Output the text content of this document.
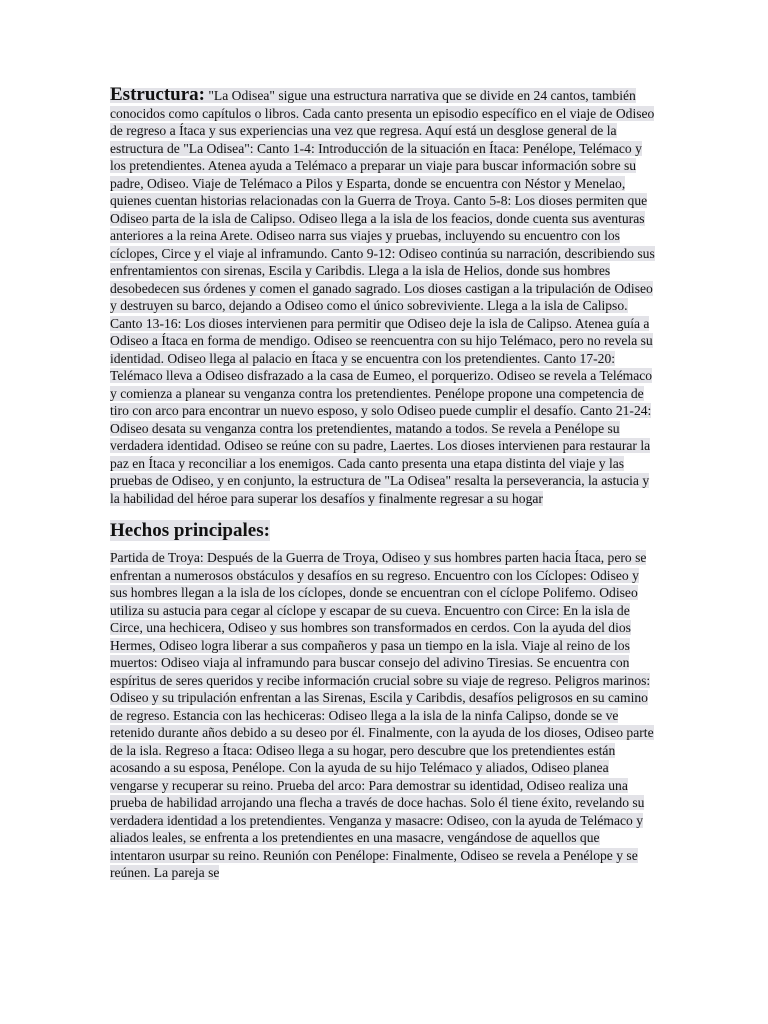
Estructura: "La Odisea" sigue una estructura narrativa que se divide en 24 cantos, también conocidos como capítulos o libros. Cada canto presenta un episodio específico en el viaje de Odiseo de regreso a Ítaca y sus experiencias una vez que regresa. Aquí está un desglose general de la estructura de "La Odisea": Canto 1-4: Introducción de la situación en Ítaca: Penélope, Telémaco y los pretendientes. Atenea ayuda a Telémaco a preparar un viaje para buscar información sobre su padre, Odiseo. Viaje de Telémaco a Pilos y Esparta, donde se encuentra con Néstor y Menelao, quienes cuentan historias relacionadas con la Guerra de Troya. Canto 5-8: Los dioses permiten que Odiseo parta de la isla de Calipso. Odiseo llega a la isla de los feacios, donde cuenta sus aventuras anteriores a la reina Arete. Odiseo narra sus viajes y pruebas, incluyendo su encuentro con los cíclopes, Circe y el viaje al inframundo. Canto 9-12: Odiseo continúa su narración, describiendo sus enfrentamientos con sirenas, Escila y Caribdis. Llega a la isla de Helios, donde sus hombres desobedecen sus órdenes y comen el ganado sagrado. Los dioses castigan a la tripulación de Odiseo y destruyen su barco, dejando a Odiseo como el único sobreviviente. Llega a la isla de Calipso. Canto 13-16: Los dioses intervienen para permitir que Odiseo deje la isla de Calipso. Atenea guía a Odiseo a Ítaca en forma de mendigo. Odiseo se reencuentra con su hijo Telémaco, pero no revela su identidad. Odiseo llega al palacio en Ítaca y se encuentra con los pretendientes. Canto 17-20: Telémaco lleva a Odiseo disfrazado a la casa de Eumeo, el porquerizo. Odiseo se revela a Telémaco y comienza a planear su venganza contra los pretendientes. Penélope propone una competencia de tiro con arco para encontrar un nuevo esposo, y solo Odiseo puede cumplir el desafío. Canto 21-24: Odiseo desata su venganza contra los pretendientes, matando a todos. Se revela a Penélope su verdadera identidad. Odiseo se reúne con su padre, Laertes. Los dioses intervienen para restaurar la paz en Ítaca y reconciliar a los enemigos. Cada canto presenta una etapa distinta del viaje y las pruebas de Odiseo, y en conjunto, la estructura de "La Odisea" resalta la perseverancia, la astucia y la habilidad del héroe para superar los desafíos y finalmente regresar a su hogar

Hechos principales:

Partida de Troya: Después de la Guerra de Troya, Odiseo y sus hombres parten hacia Ítaca, pero se enfrentan a numerosos obstáculos y desafíos en su regreso. Encuentro con los Cíclopes: Odiseo y sus hombres llegan a la isla de los cíclopes, donde se encuentran con el cíclope Polifemo. Odiseo utiliza su astucia para cegar al cíclope y escapar de su cueva. Encuentro con Circe: En la isla de Circe, una hechicera, Odiseo y sus hombres son transformados en cerdos. Con la ayuda del dios Hermes, Odiseo logra liberar a sus compañeros y pasa un tiempo en la isla. Viaje al reino de los muertos: Odiseo viaja al inframundo para buscar consejo del adivino Tiresias. Se encuentra con espíritus de seres queridos y recibe información crucial sobre su viaje de regreso. Peligros marinos: Odiseo y su tripulación enfrentan a las Sirenas, Escila y Caribdis, desafíos peligrosos en su camino de regreso. Estancia con las hechiceras: Odiseo llega a la isla de la ninfa Calipso, donde se ve retenido durante años debido a su deseo por él. Finalmente, con la ayuda de los dioses, Odiseo parte de la isla. Regreso a Ítaca: Odiseo llega a su hogar, pero descubre que los pretendientes están acosando a su esposa, Penélope. Con la ayuda de su hijo Telémaco y aliados, Odiseo planea vengarse y recuperar su reino. Prueba del arco: Para demostrar su identidad, Odiseo realiza una prueba de habilidad arrojando una flecha a través de doce hachas. Solo él tiene éxito, revelando su verdadera identidad a los pretendientes. Venganza y masacre: Odiseo, con la ayuda de Telémaco y aliados leales, se enfrenta a los pretendientes en una masacre, vengándose de aquellos que intentaron usurpar su reino. Reunión con Penélope: Finalmente, Odiseo se revela a Penélope y se reúnen. La pareja se
